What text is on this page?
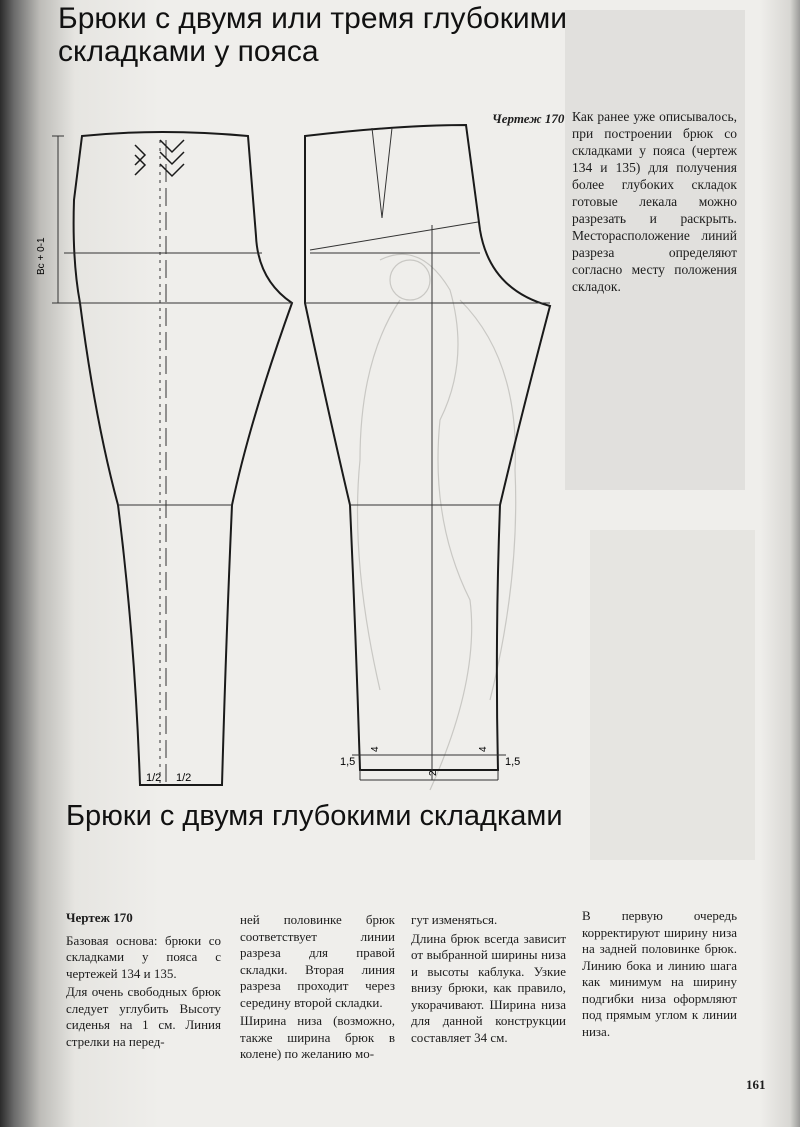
Брюки с двумя или тремя глубокими складками у пояса
Вс + 0-1
1/2 1/2
1,5	1,5
2
4	4
Чертеж 170 Как ранее уже описывалось, при построении брюк со складками у пояса (чертеж 134 и 135) для получения более глубоких складок готовые лекала можно разрезать и раскрыть. Месторасположение линий разреза определяют согласно месту положения складок.

Брюки с двумя глубокими складками

Чертеж 170

Базовая основа: брюки со складками у пояса с чертежей 134 и 135.

Для очень свободных брюк следует углубить Высоту сиденья на 1 см. Линия стрелки на перед-

ней половинке брюк соответствует линии разреза для правой складки. Вторая линия разреза проходит через середину второй складки.

Ширина низа (возможно, также ширина брюк в колене) по желанию мо-

гут изменяться.

Длина брюк всегда зависит от выбранной ширины низа и высоты каблука. Узкие внизу брюки, как правило, укорачивают. Ширина низа для данной конструкции составляет 34 см.

В первую очередь корректируют ширину низа на задней половинке брюк. Линию бока и линию шага как минимум на ширину подгибки низа оформляют под прямым углом к линии низа.

161
